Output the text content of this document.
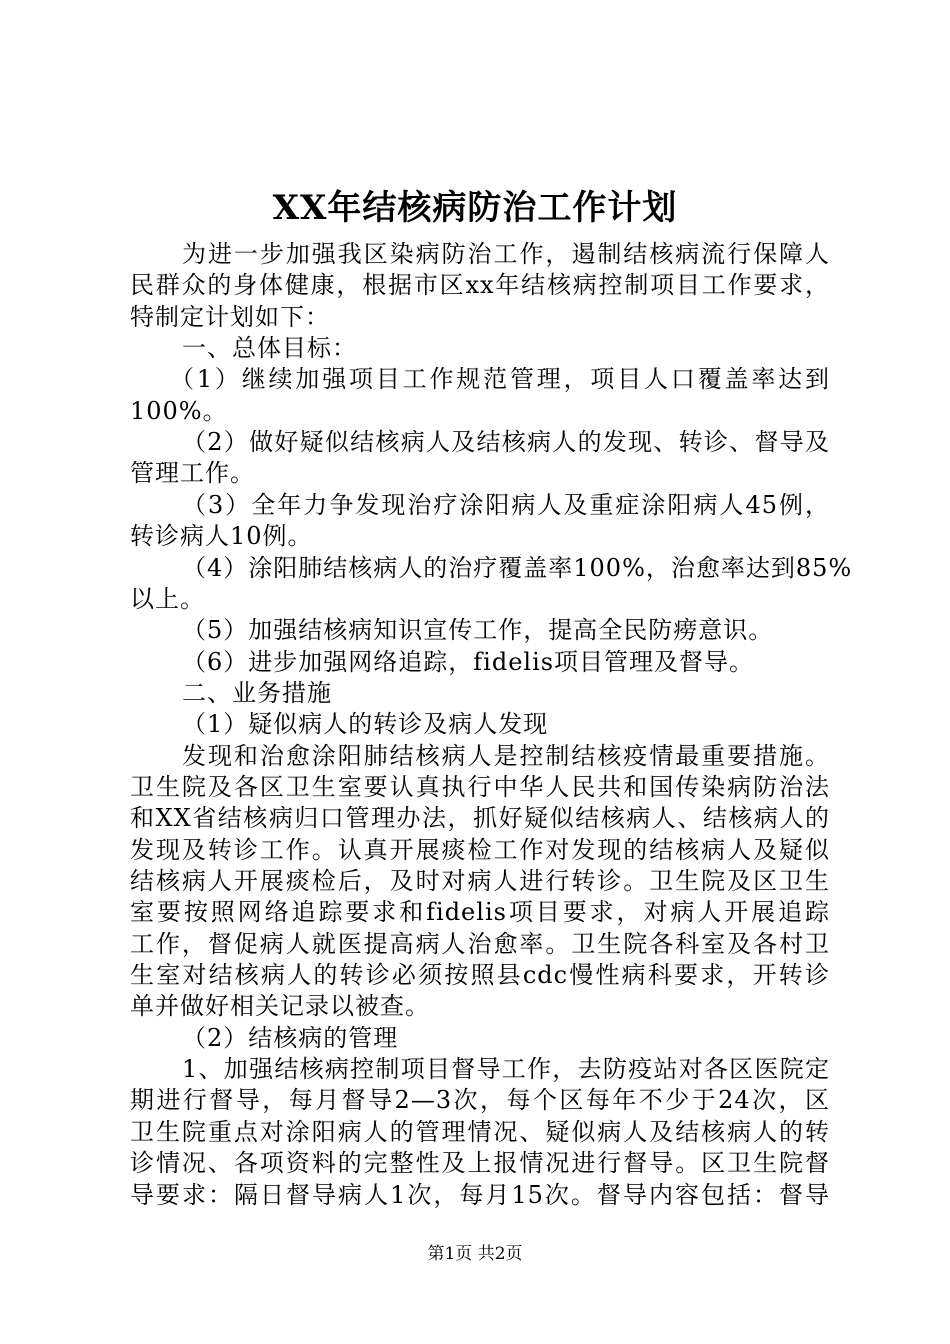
XX年结核病防治工作计划
为进一步加强我区染病防治工作，遏制结核病流行保障人
民群众的身体健康，根据市区xx年结核病控制项目工作要求，
特制定计划如下：
一、总体目标：
（1）继续加强项目工作规范管理，项目人口覆盖率达到
100%。
（2）做好疑似结核病人及结核病人的发现、转诊、督导及
管理工作。
（3）全年力争发现治疗涂阳病人及重症涂阳病人45例，
转诊病人10例。
（4）涂阳肺结核病人的治疗覆盖率100%，治愈率达到85%
以上。
（5）加强结核病知识宣传工作，提高全民防痨意识。
（6）进步加强网络追踪，fidelis项目管理及督导。
二、业务措施
（1）疑似病人的转诊及病人发现
发现和治愈涂阳肺结核病人是控制结核疫情最重要措施。
卫生院及各区卫生室要认真执行中华人民共和国传染病防治法
和XX省结核病归口管理办法，抓好疑似结核病人、结核病人的
发现及转诊工作。认真开展痰检工作对发现的结核病人及疑似
结核病人开展痰检后，及时对病人进行转诊。卫生院及区卫生
室要按照网络追踪要求和fidelis项目要求，对病人开展追踪
工作，督促病人就医提高病人治愈率。卫生院各科室及各村卫
生室对结核病人的转诊必须按照县cdc慢性病科要求，开转诊
单并做好相关记录以被查。
（2）结核病的管理
1、加强结核病控制项目督导工作，去防疫站对各区医院定
期进行督导，每月督导2—3次，每个区每年不少于24次，区
卫生院重点对涂阳病人的管理情况、疑似病人及结核病人的转
诊情况、各项资料的完整性及上报情况进行督导。区卫生院督
导要求：隔日督导病人1次，每月15次。督导内容包括：督导
第1页 共2页
